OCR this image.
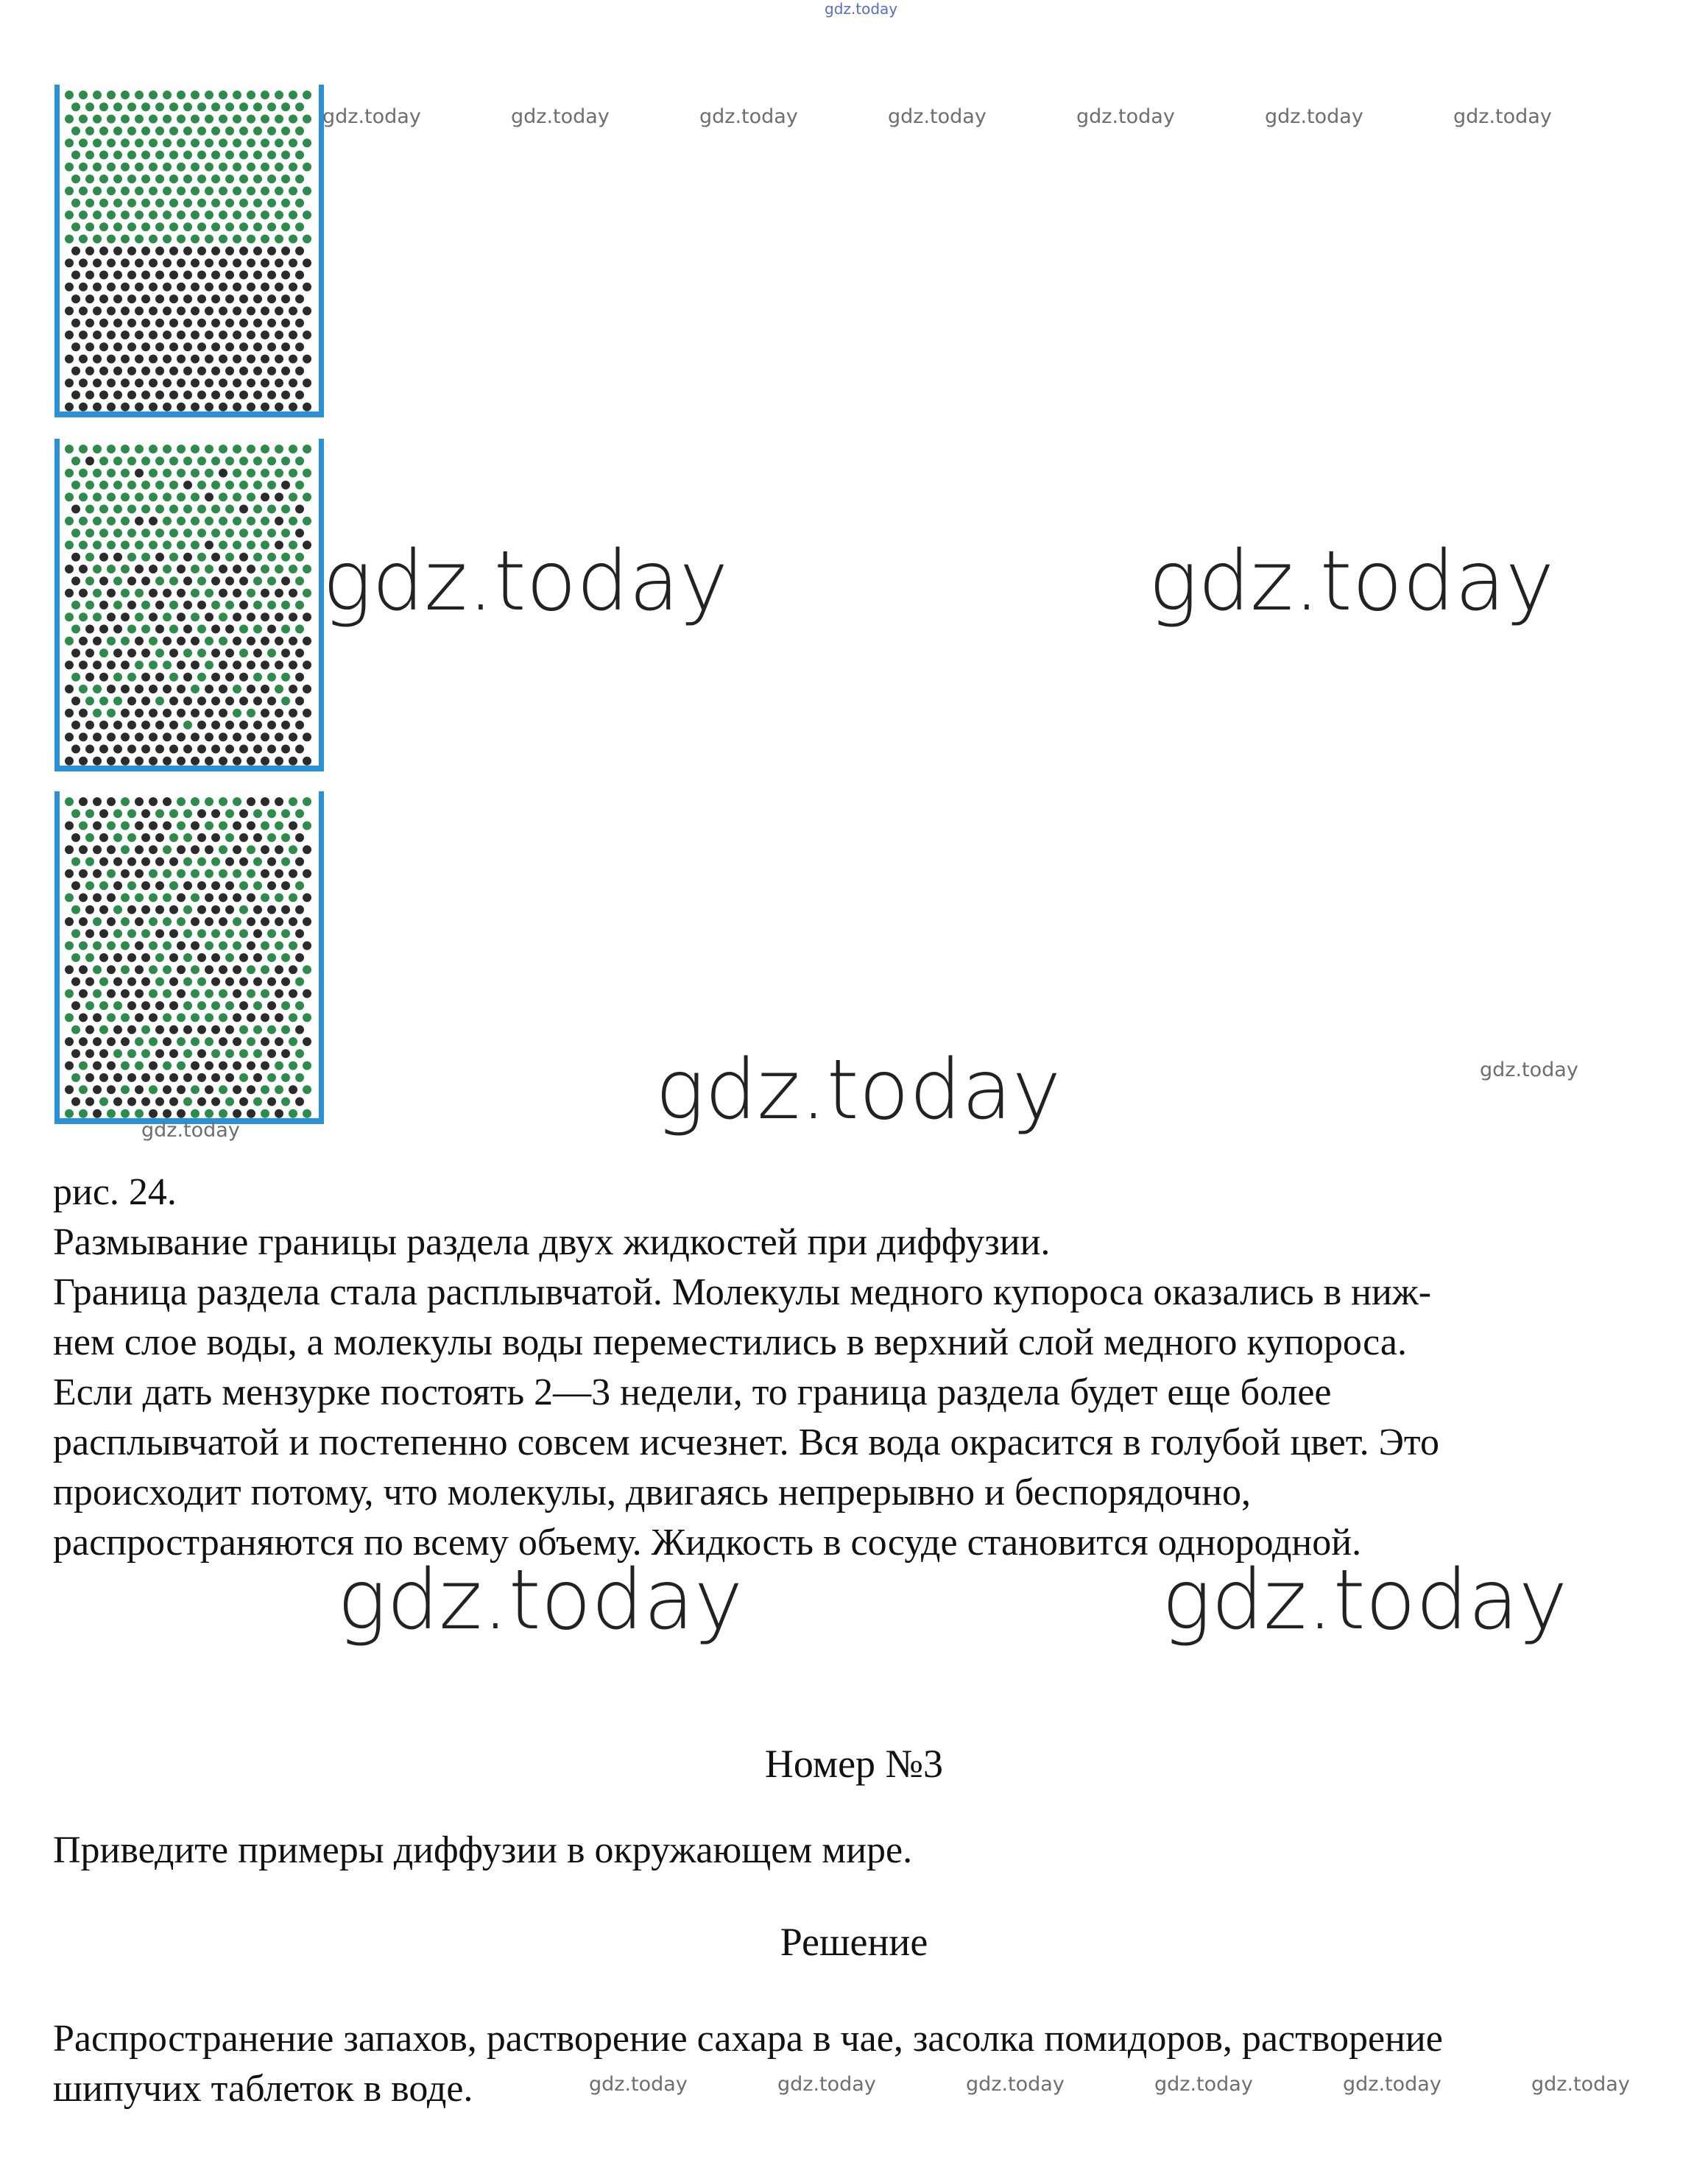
gdz.today
gdz.today	gdz.today	gdz.today	gdz.today	gdz.today	gdz.today	gdz.today
gdz.today	gdz.today
gdz.today	gdz.today
gdz.today
рис. 24.
Размывание границы раздела двух жидкостей при диффузии.
Граница раздела стала расплывчатой. Молекулы медного купороса оказались в ниж-
нем слое воды, а молекулы воды переместились в верхний слой медного купороса.
Если дать мензурке постоять 2—3 недели, то граница раздела будет еще более
расплывчатой и постепенно совсем исчезнет. Вся вода окрасится в голубой цвет. Это
происходит потому, что молекулы, двигаясь непрерывно и беспорядочно,
распространяются по всему объему. Жидкость в сосуде становится однородной.
gdz.today	gdz.today
Номер №3
Приведите примеры диффузии в окружающем мире.
Решение
Распространение запахов, растворение сахара в чае, засолка помидоров, растворение
шипучих таблеток в воде.	gdz.today	gdz.today	gdz.today	gdz.today	gdz.today	gdz.today
